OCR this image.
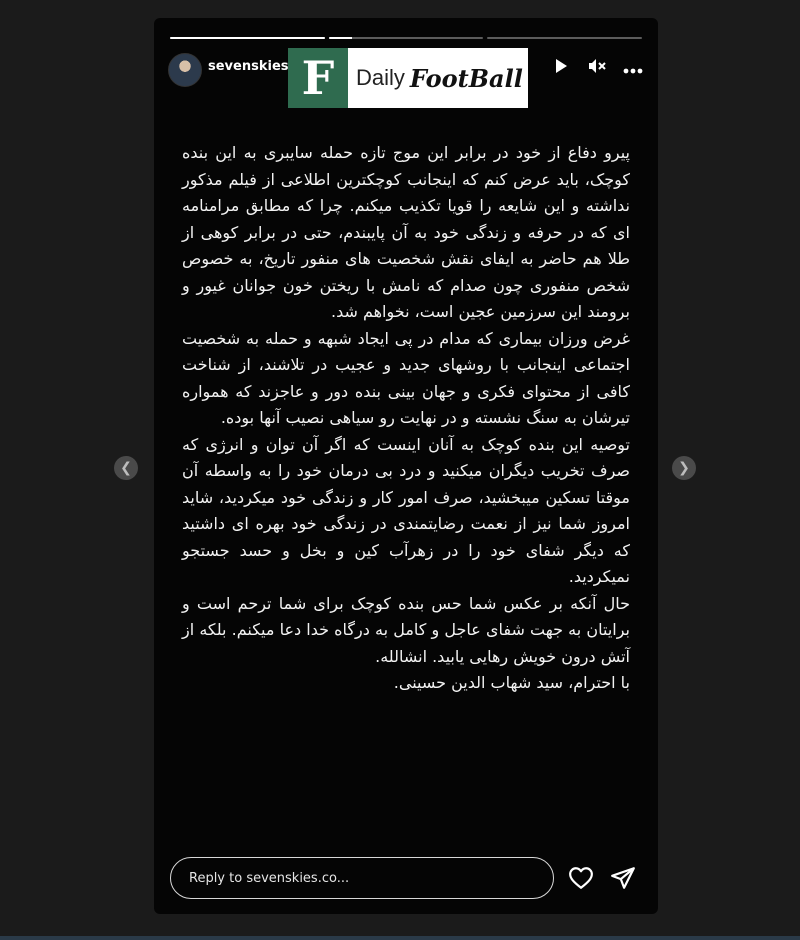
❮	❯
sevenskies F Daily FootBall

پیرو دفاع از خود در برابر این موج تازه حمله سایبری به این بنده کوچک، باید عرض کنم که اینجانب کوچکترین اطلاعی از فیلم مذکور نداشته و این شایعه را قویا تکذیب میکنم. چرا که مطابق مرامنامه ای که در حرفه و زندگی خود به آن پایبندم، حتی در برابر کوهی از طلا هم حاضر به ایفای نقش شخصیت های منفور تاریخ، به خصوص شخص منفوری چون صدام که نامش با ریختن خون جوانان غیور و برومند این سرزمین عجین است، نخواهم شد.

غرض ورزان بیماری که مدام در پی ایجاد شبهه و حمله به شخصیت اجتماعی اینجانب با روشهای جدید و عجیب در تلاشند، از شناخت کافی از محتوای فکری و جهان بینی بنده دور و عاجزند که همواره تیرشان به سنگ نشسته و در نهایت رو سیاهی نصیب آنها بوده.

توصیه این بنده کوچک به آنان اینست که اگر آن توان و انرژی که صرف تخریب دیگران میکنید و درد بی درمان خود را به واسطه آن موقتا تسکین میبخشید، صرف امور کار و زندگی خود میکردید، شاید امروز شما نیز از نعمت رضایتمندی در زندگی خود بهره ای داشتید که دیگر شفای خود را در زهرآب کین و بخل و حسد جستجو نمیکردید.

حال آنکه بر عکس شما حس بنده کوچک برای شما ترحم است و برایتان به جهت شفای عاجل و کامل به درگاه خدا دعا میکنم. بلکه از آتش درون خویش رهایی یابید. انشالله.

با احترام، سید شهاب الدین حسینی.

Reply to sevenskies.co...
